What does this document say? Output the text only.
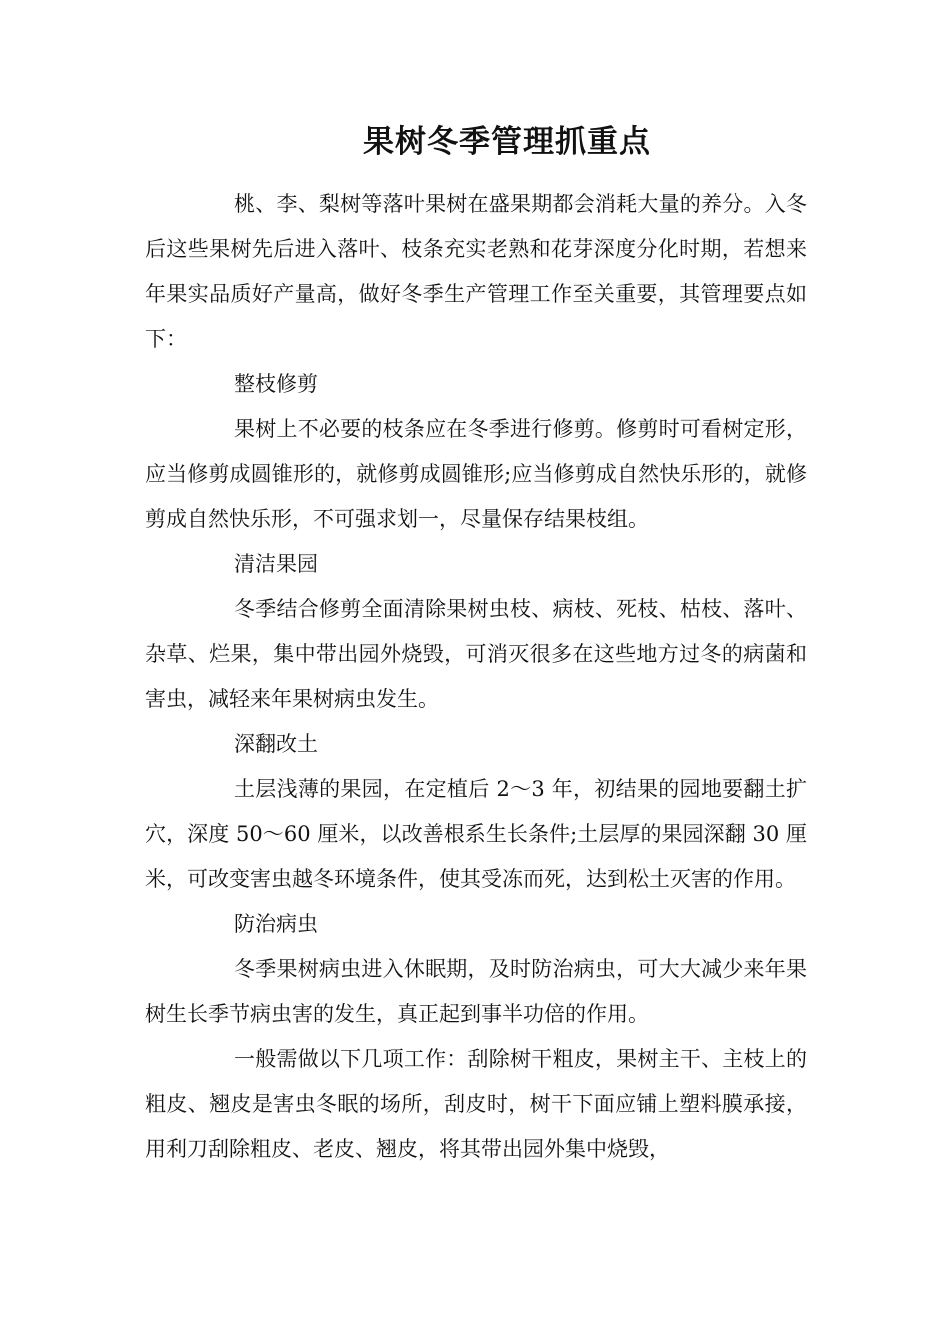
果树冬季管理抓重点

桃、李、梨树等落叶果树在盛果期都会消耗大量的养分。入冬后这些果树先后进入落叶、枝条充实老熟和花芽深度分化时期，若想来年果实品质好产量高，做好冬季生产管理工作至关重要，其管理要点如下：

整枝修剪

果树上不必要的枝条应在冬季进行修剪。修剪时可看树定形，应当修剪成圆锥形的，就修剪成圆锥形;应当修剪成自然快乐形的，就修剪成自然快乐形，不可强求划一，尽量保存结果枝组。

清洁果园

冬季结合修剪全面清除果树虫枝、病枝、死枝、枯枝、落叶、杂草、烂果，集中带出园外烧毁，可消灭很多在这些地方过冬的病菌和害虫，减轻来年果树病虫发生。

深翻改土

土层浅薄的果园，在定植后 2～3 年，初结果的园地要翻土扩穴，深度 50～60 厘米，以改善根系生长条件;土层厚的果园深翻 30 厘米，可改变害虫越冬环境条件，使其受冻而死，达到松土灭害的作用。

防治病虫

冬季果树病虫进入休眠期，及时防治病虫，可大大减少来年果树生长季节病虫害的发生，真正起到事半功倍的作用。

一般需做以下几项工作：刮除树干粗皮，果树主干、主枝上的粗皮、翘皮是害虫冬眠的场所，刮皮时，树干下面应铺上塑料膜承接，用利刀刮除粗皮、老皮、翘皮，将其带出园外集中烧毁，
